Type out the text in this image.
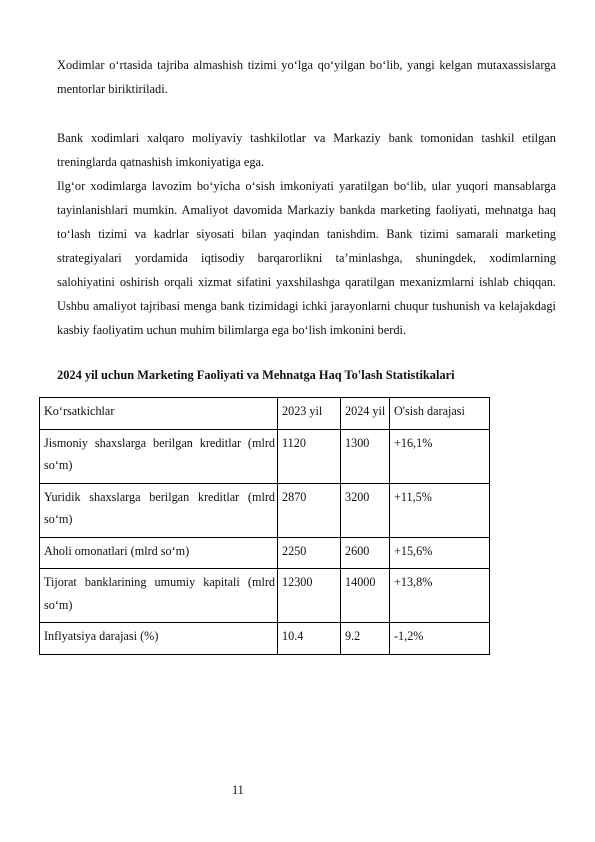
Xodimlar o‘rtasida tajriba almashish tizimi yo‘lga qo‘yilgan bo‘lib, yangi kelgan mutaxassislarga mentorlar biriktiriladi.

Bank xodimlari xalqaro moliyaviy tashkilotlar va Markaziy bank tomonidan tashkil etilgan treninglarda qatnashish imkoniyatiga ega.

Ilg‘or xodimlarga lavozim bo‘yicha o‘sish imkoniyati yaratilgan bo‘lib, ular yuqori mansablarga tayinlanishlari mumkin. Amaliyot davomida Markaziy bankda marketing faoliyati, mehnatga haq to‘lash tizimi va kadrlar siyosati bilan yaqindan tanishdim. Bank tizimi samarali marketing strategiyalari yordamida iqtisodiy barqarorlikni ta’minlashga, shuningdek, xodimlarning salohiyatini oshirish orqali xizmat sifatini yaxshilashga qaratilgan mexanizmlarni ishlab chiqqan. Ushbu amaliyot tajribasi menga bank tizimidagi ichki jarayonlarni chuqur tushunish va kelajakdagi kasbiy faoliyatim uchun muhim bilimlarga ega bo‘lish imkonini berdi.

2024 yil uchun Marketing Faoliyati va Mehnatga Haq To'lash Statistikalari

Ko‘rsatkichlar	2023 yil	2024 yil	O'sish darajasi
Jismoniy shaxslarga berilgan kreditlar (mlrd so‘m)	1120	1300	+16,1%
Yuridik shaxslarga berilgan kreditlar (mlrd so‘m)	2870	3200	+11,5%
Aholi omonatlari (mlrd so‘m)	2250	2600	+15,6%
Tijorat banklarining umumiy kapitali (mlrd so‘m)	12300	14000	+13,8%
Inflyatsiya darajasi (%)	10.4	9.2	-1,2%
11
